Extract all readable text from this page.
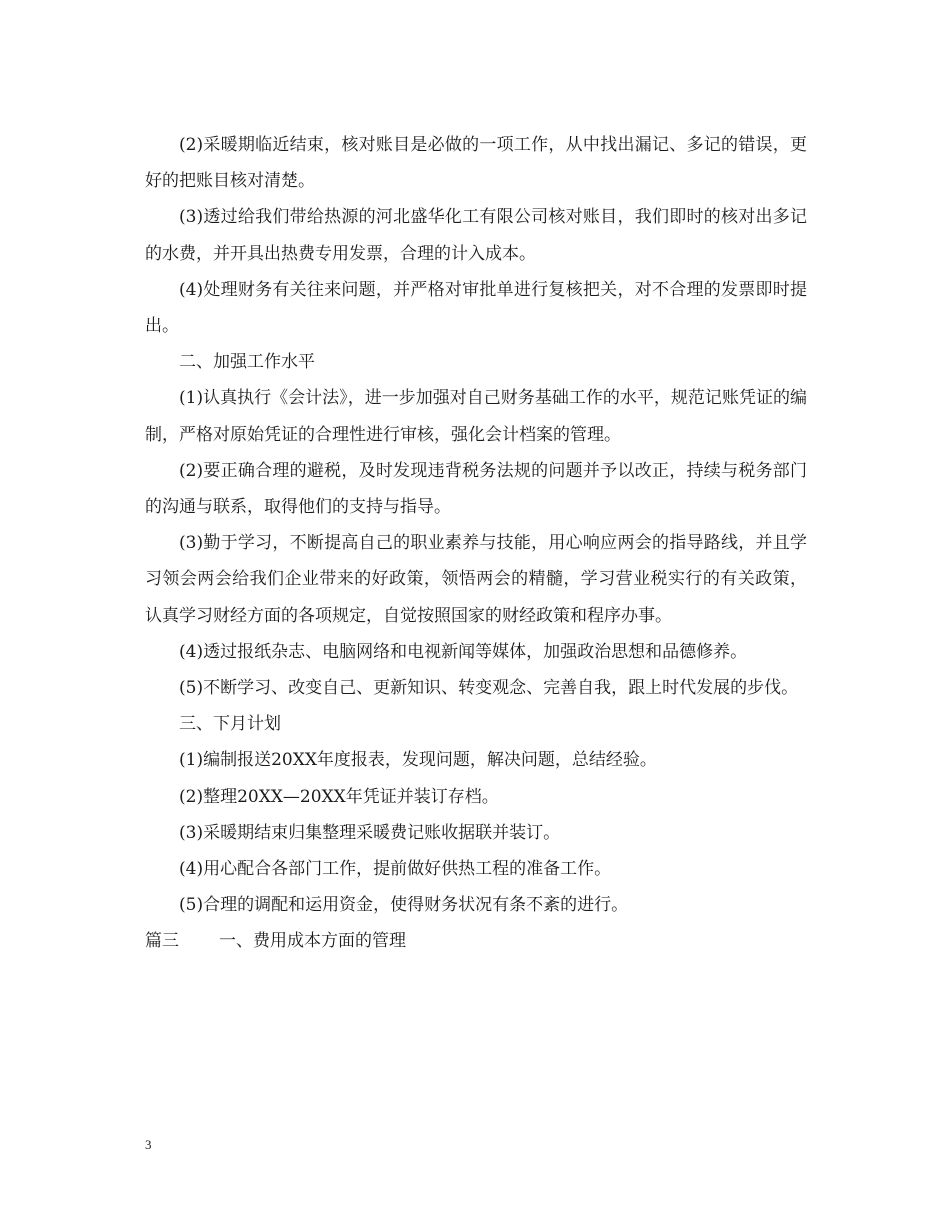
(2)采暖期临近结束，核对账目是必做的一项工作，从中找出漏记、多记的错误，更好的把账目核对清楚。

(3)透过给我们带给热源的河北盛华化工有限公司核对账目，我们即时的核对出多记的水费，并开具出热费专用发票，合理的计入成本。

(4)处理财务有关往来问题，并严格对审批单进行复核把关，对不合理的发票即时提出。

二、加强工作水平

(1)认真执行《会计法》，进一步加强对自己财务基础工作的水平，规范记账凭证的编制，严格对原始凭证的合理性进行审核，强化会计档案的管理。

(2)要正确合理的避税，及时发现违背税务法规的问题并予以改正，持续与税务部门的沟通与联系，取得他们的支持与指导。

(3)勤于学习，不断提高自己的职业素养与技能，用心响应两会的指导路线，并且学习领会两会给我们企业带来的好政策，领悟两会的精髓，学习营业税实行的有关政策，认真学习财经方面的各项规定，自觉按照国家的财经政策和程序办事。

(4)透过报纸杂志、电脑网络和电视新闻等媒体，加强政治思想和品德修养。

(5)不断学习、改变自己、更新知识、转变观念、完善自我，跟上时代发展的步伐。

三、下月计划

(1)编制报送20XX年度报表，发现问题，解决问题，总结经验。

(2)整理20XX—20XX年凭证并装订存档。

(3)采暖期结束归集整理采暖费记账收据联并装订。

(4)用心配合各部门工作，提前做好供热工程的准备工作。

(5)合理的调配和运用资金，使得财务状况有条不紊的进行。

篇三 一、费用成本方面的管理

3
